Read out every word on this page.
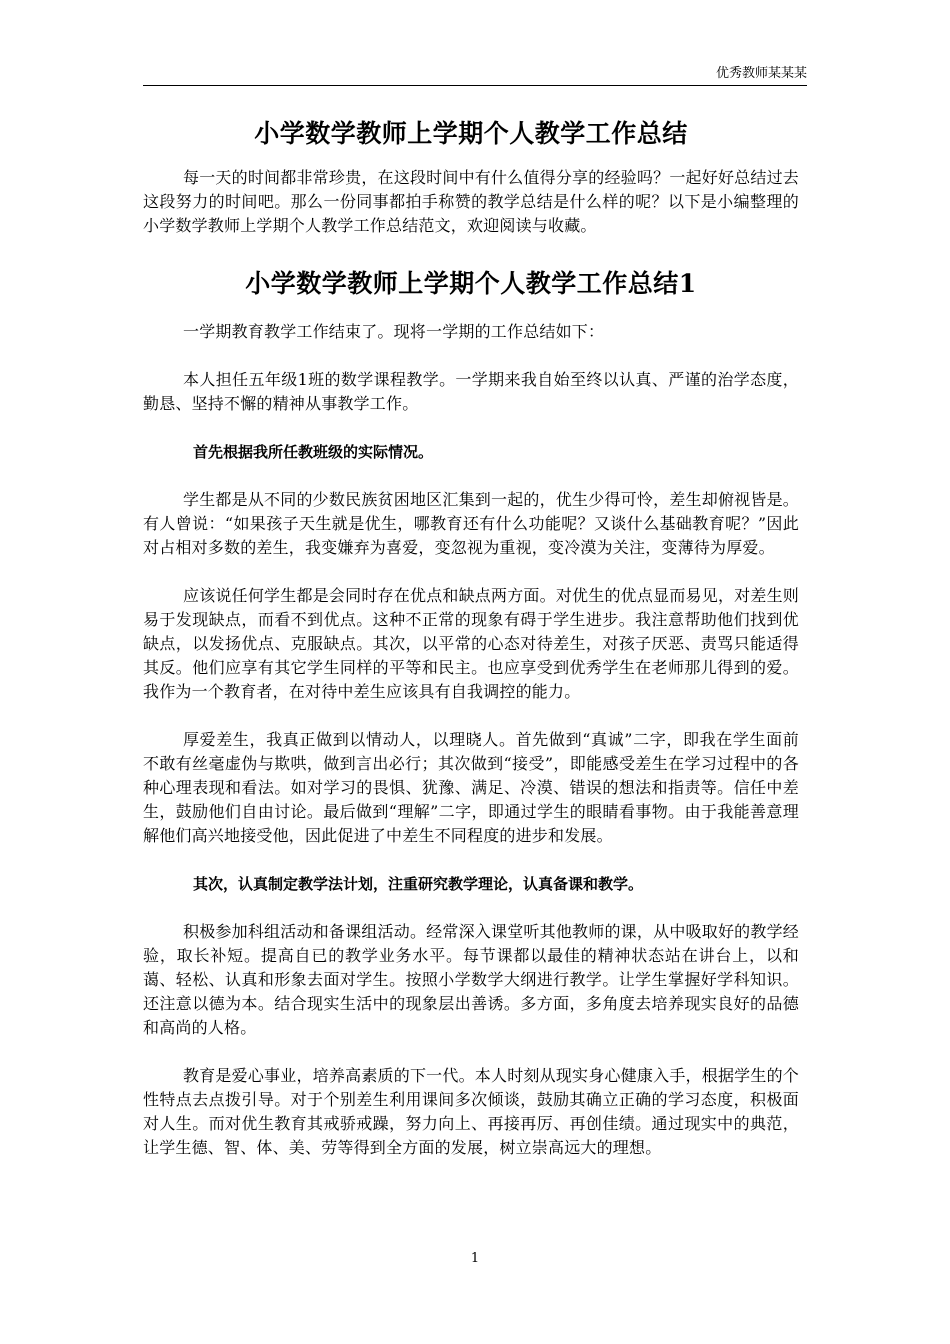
优秀教师某某某
小学数学教师上学期个人教学工作总结

每一天的时间都非常珍贵，在这段时间中有什么值得分享的经验吗？一起好好总结过去这段努力的时间吧。那么一份同事都拍手称赞的教学总结是什么样的呢？以下是小编整理的小学数学教师上学期个人教学工作总结范文，欢迎阅读与收藏。

小学数学教师上学期个人教学工作总结1

一学期教育教学工作结束了。现将一学期的工作总结如下：

本人担任五年级1班的数学课程教学。一学期来我自始至终以认真、严谨的治学态度，勤恳、坚持不懈的精神从事教学工作。

首先根据我所任教班级的实际情况。

学生都是从不同的少数民族贫困地区汇集到一起的，优生少得可怜，差生却俯视皆是。有人曾说：“如果孩子天生就是优生，哪教育还有什么功能呢？又谈什么基础教育呢？”因此对占相对多数的差生，我变嫌弃为喜爱，变忽视为重视，变冷漠为关注，变薄待为厚爱。

应该说任何学生都是会同时存在优点和缺点两方面。对优生的优点显而易见，对差生则易于发现缺点，而看不到优点。这种不正常的现象有碍于学生进步。我注意帮助他们找到优缺点，以发扬优点、克服缺点。其次，以平常的心态对待差生，对孩子厌恶、责骂只能适得其反。他们应享有其它学生同样的平等和民主。也应享受到优秀学生在老师那儿得到的爱。我作为一个教育者，在对待中差生应该具有自我调控的能力。

厚爱差生，我真正做到以情动人，以理晓人。首先做到“真诚”二字，即我在学生面前不敢有丝毫虚伪与欺哄，做到言出必行；其次做到“接受”，即能感受差生在学习过程中的各种心理表现和看法。如对学习的畏惧、犹豫、满足、冷漠、错误的想法和指责等。信任中差生，鼓励他们自由讨论。最后做到“理解”二字，即通过学生的眼睛看事物。由于我能善意理解他们高兴地接受他，因此促进了中差生不同程度的进步和发展。

其次，认真制定教学法计划，注重研究教学理论，认真备课和教学。

积极参加科组活动和备课组活动。经常深入课堂听其他教师的课，从中吸取好的教学经验，取长补短。提高自已的教学业务水平。每节课都以最佳的精神状态站在讲台上，以和蔼、轻松、认真和形象去面对学生。按照小学数学大纲进行教学。让学生掌握好学科知识。还注意以德为本。结合现实生活中的现象层出善诱。多方面，多角度去培养现实良好的品德和高尚的人格。

教育是爱心事业，培养高素质的下一代。本人时刻从现实身心健康入手，根据学生的个性特点去点拨引导。对于个别差生利用课间多次倾谈，鼓励其确立正确的学习态度，积极面对人生。而对优生教育其戒骄戒躁，努力向上、再接再厉、再创佳绩。通过现实中的典范，让学生德、智、体、美、劳等得到全方面的发展，树立崇高远大的理想。

1
